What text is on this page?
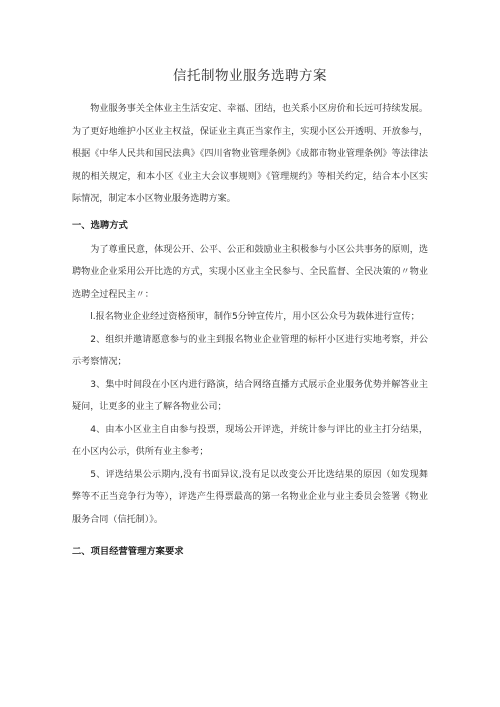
信托制物业服务选聘方案

物业服务事关全体业主生活安定、幸福、团结，也关系小区房价和长远可持续发展。为了更好地维护小区业主权益，保证业主真正当家作主，实现小区公开透明、开放参与，根据《中华人民共和国民法典》《四川省物业管理条例》《成都市物业管理条例》等法律法规的相关规定，和本小区《业主大会议事规则》《管理规约》等相关约定，结合本小区实际情况，制定本小区物业服务选聘方案。

一、选聘方式

为了尊重民意，体现公开、公平、公正和鼓励业主积极参与小区公共事务的原则，选聘物业企业采用公开比选的方式，实现小区业主全民参与、全民监督、全民决策的〃物业选聘全过程民主〃：

l.报名物业企业经过资格预审，制作5分钟宣传片，用小区公众号为载体进行宣传；

2、组织并邀请愿意参与的业主到报名物业企业管理的标杆小区进行实地考察，并公示考察情况；

3、集中时间段在小区内进行路演，结合网络直播方式展示企业服务优势并解答业主疑问，让更多的业主了解各物业公司；

4、由本小区业主自由参与投票，现场公开评选，并统计参与评比的业主打分结果，在小区内公示，供所有业主参考；

5、评选结果公示期内,没有书面异议,没有足以改变公开比选结果的原因（如发现舞弊等不正当竞争行为等），评选产生得票最高的第一名物业企业与业主委员会签署《物业服务合同（信托制）》。

二、项目经营管理方案要求
